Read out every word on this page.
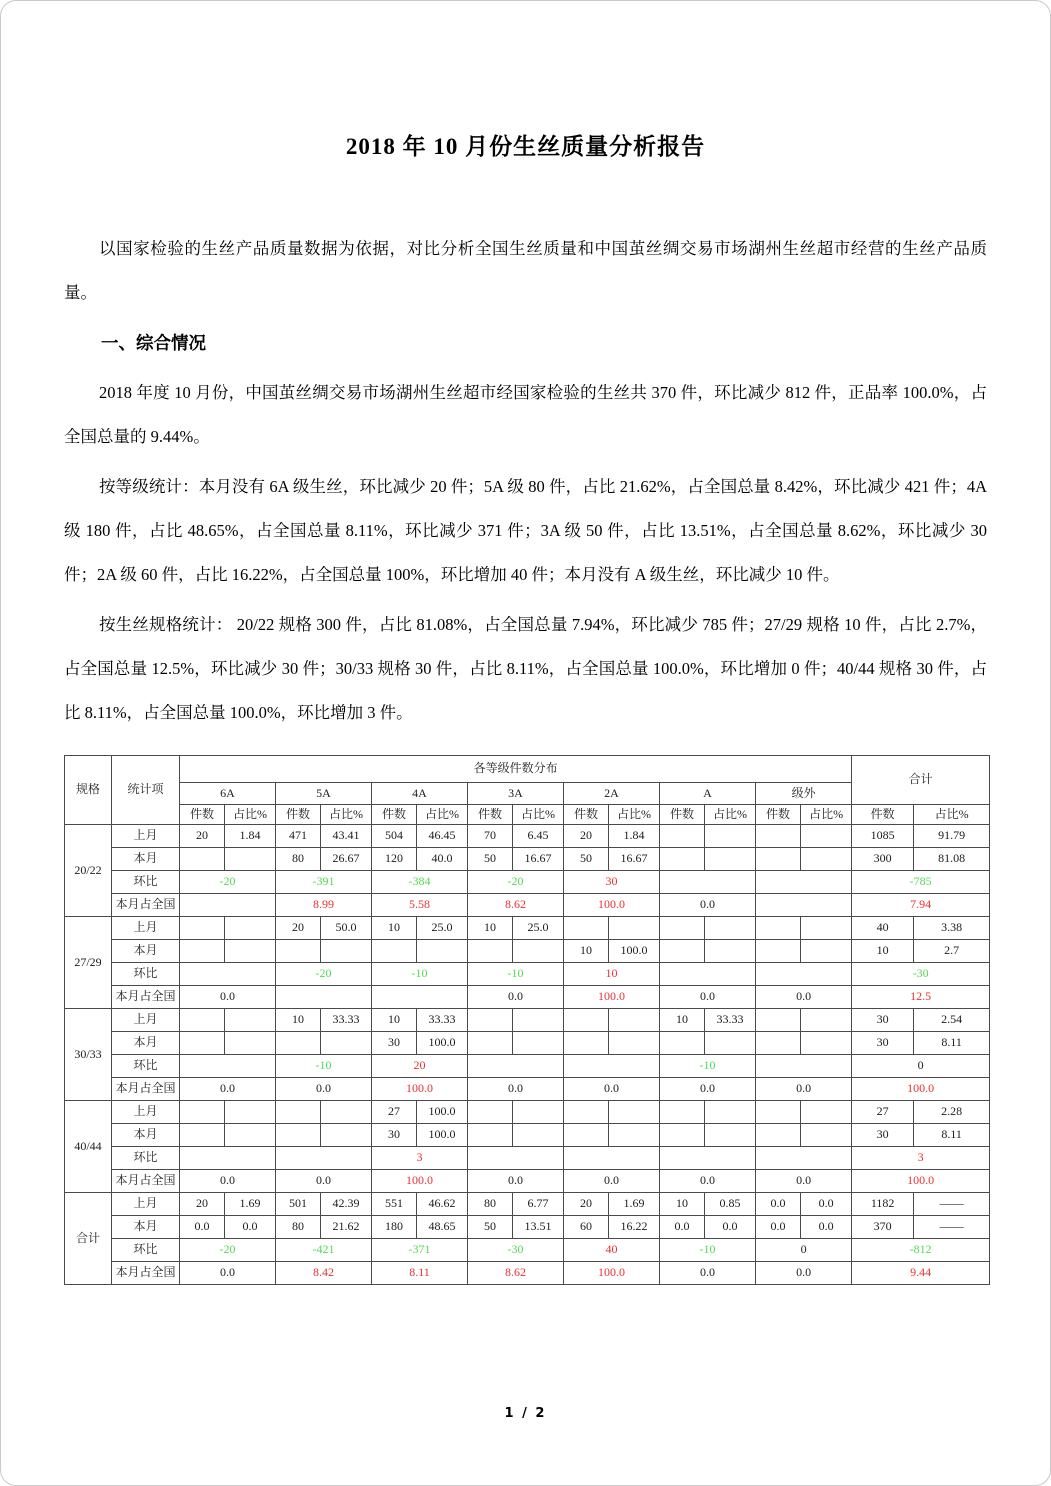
2018 年 10 月份生丝质量分析报告

以国家检验的生丝产品质量数据为依据，对比分析全国生丝质量和中国茧丝绸交易市场湖州生丝超市经营的生丝产品质量。

一、综合情况

2018 年度 10 月份，中国茧丝绸交易市场湖州生丝超市经国家检验的生丝共 370 件，环比减少 812 件，正品率 100.0%，占全国总量的 9.44%。

按等级统计：本月没有 6A 级生丝，环比减少 20 件；5A 级 80 件，占比 21.62%，占全国总量 8.42%，环比减少 421 件；4A 级 180 件，占比 48.65%，占全国总量 8.11%，环比减少 371 件；3A 级 50 件，占比 13.51%，占全国总量 8.62%，环比减少 30 件；2A 级 60 件，占比 16.22%，占全国总量 100%，环比增加 40 件；本月没有 A 级生丝，环比减少 10 件。

按生丝规格统计： 20/22 规格 300 件，占比 81.08%，占全国总量 7.94%，环比减少 785 件；27/29 规格 10 件，占比 2.7%，占全国总量 12.5%，环比减少 30 件；30/33 规格 30 件，占比 8.11%，占全国总量 100.0%，环比增加 0 件；40/44 规格 30 件，占比 8.11%，占全国总量 100.0%，环比增加 3 件。

规格	统计项	各等级件数分布														合计	
		6A		5A		4A		3A		2A		A		级外			
		件数	占比%	件数	占比%	件数	占比%	件数	占比%	件数	占比%	件数	占比%	件数	占比%	件数	占比%
20/22	上月	20	1.84	471	43.41	504	46.45	70	6.45	20	1.84					1085	91.79
	本月			80	26.67	120	40.0	50	16.67	50	16.67					300	81.08
	环比	-20		-391		-384		-20		30						-785	
	本月占全国			8.99		5.58		8.62		100.0		0.0				7.94	
27/29	上月			20	50.0	10	25.0	10	25.0							40	3.38
	本月									10	100.0					10	2.7
	环比			-20		-10		-10		10						-30	
	本月占全国	0.0						0.0		100.0		0.0		0.0		12.5	
30/33	上月			10	33.33	10	33.33					10	33.33			30	2.54
	本月					30	100.0									30	8.11
	环比			-10		20						-10				0	
	本月占全国	0.0		0.0		100.0		0.0		0.0		0.0		0.0		100.0	
40/44	上月					27	100.0									27	2.28
	本月					30	100.0									30	8.11
	环比					3										3	
	本月占全国	0.0		0.0		100.0		0.0		0.0		0.0		0.0		100.0	
合计	上月	20	1.69	501	42.39	551	46.62	80	6.77	20	1.69	10	0.85	0.0	0.0	1182	——
	本月	0.0	0.0	80	21.62	180	48.65	50	13.51	60	16.22	0.0	0.0	0.0	0.0	370	——
	环比	-20		-421		-371		-30		40		-10		0		-812	
	本月占全国	0.0		8.42		8.11		8.62		100.0		0.0		0.0		9.44	
1 / 2
